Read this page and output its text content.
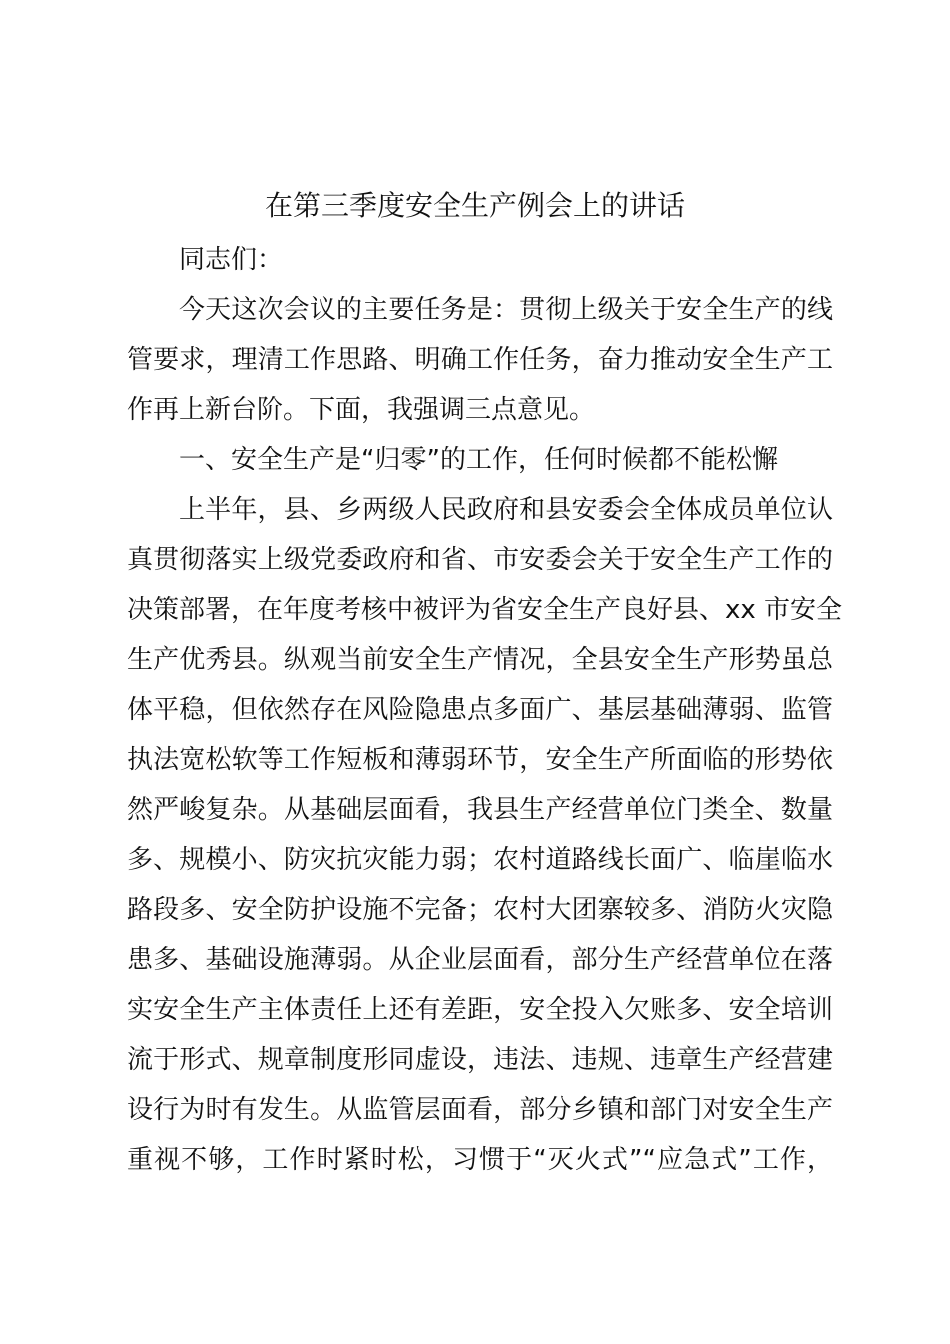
在第三季度安全生产例会上的讲话
同志们：
今天这次会议的主要任务是：贯彻上级关于安全生产的线
管要求，理清工作思路、明确工作任务，奋力推动安全生产工
作再上新台阶。下面，我强调三点意见。
一、安全生产是“归零”的工作，任何时候都不能松懈
上半年，县、乡两级人民政府和县安委会全体成员单位认
真贯彻落实上级党委政府和省、市安委会关于安全生产工作的
决策部署，在年度考核中被评为省安全生产良好县、xx 市安全
生产优秀县。纵观当前安全生产情况，全县安全生产形势虽总
体平稳，但依然存在风险隐患点多面广、基层基础薄弱、监管
执法宽松软等工作短板和薄弱环节，安全生产所面临的形势依
然严峻复杂。从基础层面看，我县生产经营单位门类全、数量
多、规模小、防灾抗灾能力弱；农村道路线长面广、临崖临水
路段多、安全防护设施不完备；农村大团寨较多、消防火灾隐
患多、基础设施薄弱。从企业层面看，部分生产经营单位在落
实安全生产主体责任上还有差距，安全投入欠账多、安全培训
流于形式、规章制度形同虚设，违法、违规、违章生产经营建
设行为时有发生。从监管层面看，部分乡镇和部门对安全生产
重视不够，工作时紧时松，习惯于“灭火式”“应急式”工作，
